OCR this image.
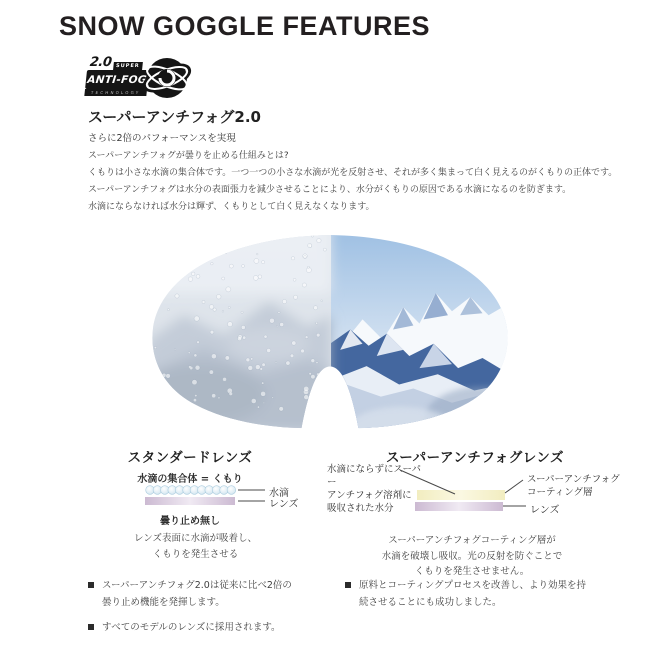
SNOW GOGGLE FEATURES
2.0 SUPER
ANTI-FOG
TECHNOLOGY
スーパーアンチフォグ2.0
さらに2倍のパフォーマンスを実現
スーパーアンチフォグが曇りを止める仕組みとは?
くもりは小さな水滴の集合体です。一つ一つの小さな水滴が光を反射させ、それが多く集まって白く見えるのがくもりの正体です。
スーパーアンチフォグは水分の表面張力を減少させることにより、水分がくもりの原因である水滴になるのを防ぎます。
水滴にならなければ水分は輝ず、くもりとして白く見えなくなります。
スタンダードレンズ
水滴の集合体 = くもり
水滴
レンズ
曇り止め無し
レンズ表面に水滴が吸着し、
くもりを発生させる
スーパーアンチフォグレンズ
水滴にならずにスーパー
アンチフォグ溶剤に
吸収された水分
スーパーアンチフォグ
コーティング層
レンズ
スーパーアンチフォグコーティング層が
水滴を破壊し吸収。光の反射を防ぐことで
くもりを発生させません。
スーパーアンチフォグ2.0は従来に比べ2倍の
曇り止め機能を発揮します。
すべてのモデルのレンズに採用されます。
原料とコーティングプロセスを改善し、より効果を持
続させることにも成功しました。
